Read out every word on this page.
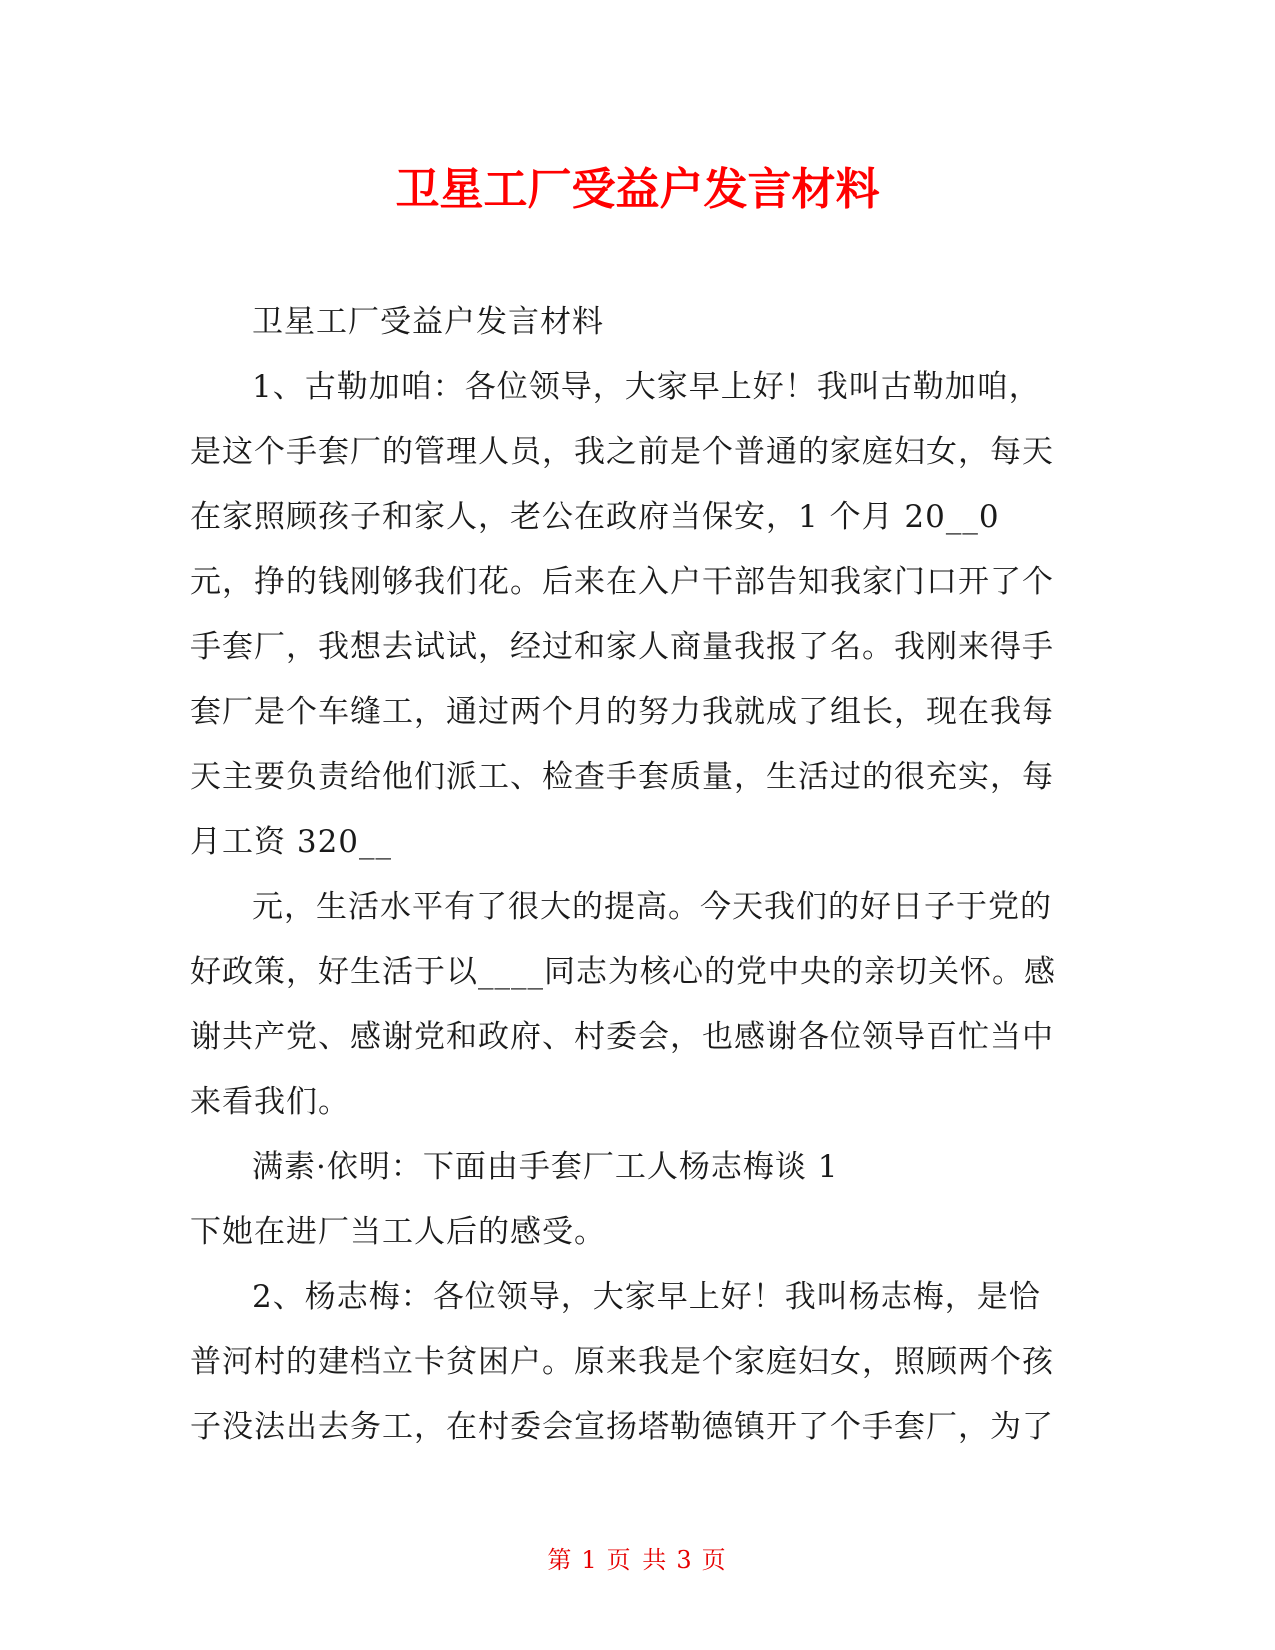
卫星工厂受益户发言材料

卫星工厂受益户发言材料

1、古勒加咱：各位领导，大家早上好！我叫古勒加咱，

是这个手套厂的管理人员，我之前是个普通的家庭妇女，每天

在家照顾孩子和家人，老公在政府当保安，1 个月 20__0

元，挣的钱刚够我们花。后来在入户干部告知我家门口开了个

手套厂，我想去试试，经过和家人商量我报了名。我刚来得手

套厂是个车缝工，通过两个月的努力我就成了组长，现在我每

天主要负责给他们派工、检查手套质量，生活过的很充实，每

月工资 320__

元，生活水平有了很大的提高。今天我们的好日子于党的

好政策，好生活于以____同志为核心的党中央的亲切关怀。感

谢共产党、感谢党和政府、村委会，也感谢各位领导百忙当中

来看我们。

满素·依明：下面由手套厂工人杨志梅谈 1

下她在进厂当工人后的感受。

2、杨志梅：各位领导，大家早上好！我叫杨志梅，是恰

普河村的建档立卡贫困户。原来我是个家庭妇女，照顾两个孩

子没法出去务工，在村委会宣扬塔勒德镇开了个手套厂，为了

第 1 页 共 3 页
